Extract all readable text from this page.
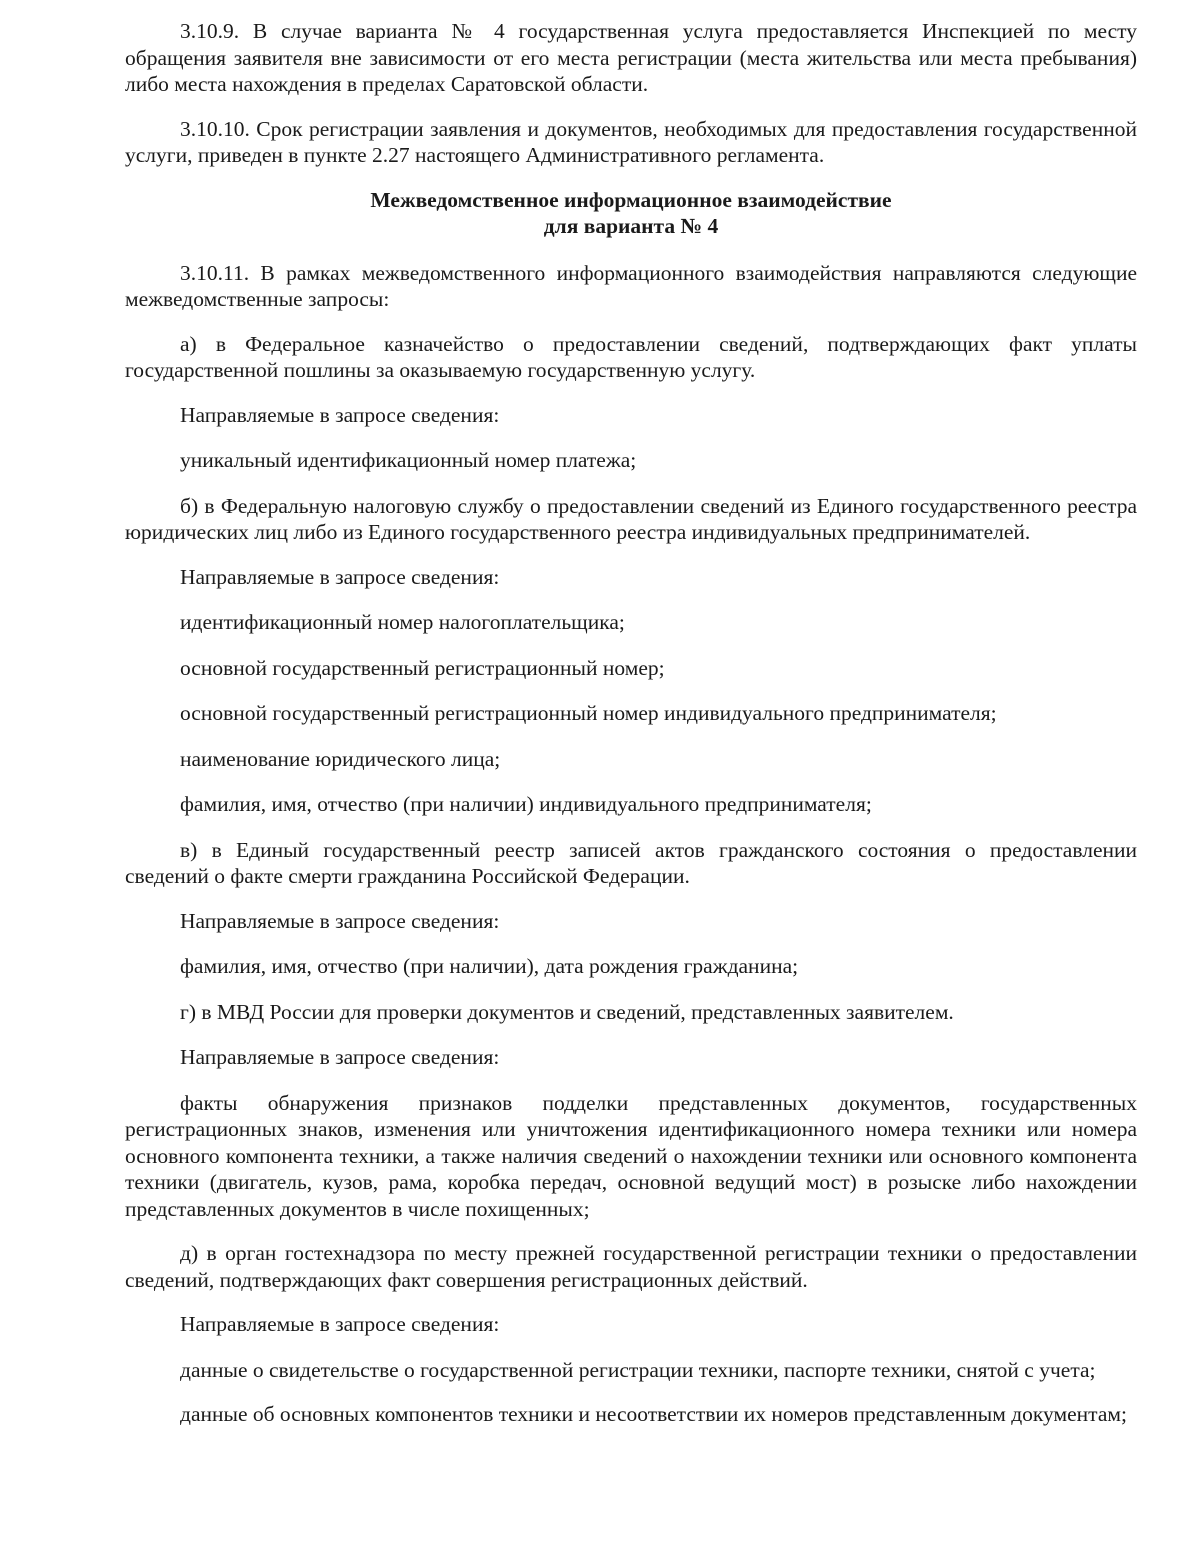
3.10.9. В случае варианта № 4 государственная услуга предоставляется Инспекцией по месту обращения заявителя вне зависимости от его места регистрации (места жительства или места пребывания) либо места нахождения в пределах Саратовской области.

3.10.10. Срок регистрации заявления и документов, необходимых для предоставления государственной услуги, приведен в пункте 2.27 настоящего Административного регламента.

Межведомственное информационное взаимодействие
для варианта № 4

3.10.11. В рамках межведомственного информационного взаимодействия направляются следующие межведомственные запросы:

а) в Федеральное казначейство о предоставлении сведений, подтверждающих факт уплаты государственной пошлины за оказываемую государственную услугу.

Направляемые в запросе сведения:

уникальный идентификационный номер платежа;

б) в Федеральную налоговую службу о предоставлении сведений из Единого государственного реестра юридических лиц либо из Единого государственного реестра индивидуальных предпринимателей.

Направляемые в запросе сведения:

идентификационный номер налогоплательщика;

основной государственный регистрационный номер;

основной государственный регистрационный номер индивидуального предпринимателя;

наименование юридического лица;

фамилия, имя, отчество (при наличии) индивидуального предпринимателя;

в) в Единый государственный реестр записей актов гражданского состояния о предоставлении сведений о факте смерти гражданина Российской Федерации.

Направляемые в запросе сведения:

фамилия, имя, отчество (при наличии), дата рождения гражданина;

г) в МВД России для проверки документов и сведений, представленных заявителем.

Направляемые в запросе сведения:

факты обнаружения признаков подделки представленных документов, государственных регистрационных знаков, изменения или уничтожения идентификационного номера техники или номера основного компонента техники, а также наличия сведений о нахождении техники или основного компонента техники (двигатель, кузов, рама, коробка передач, основной ведущий мост) в розыске либо нахождении представленных документов в числе похищенных;

д) в орган гостехнадзора по месту прежней государственной регистрации техники о предоставлении сведений, подтверждающих факт совершения регистрационных действий.

Направляемые в запросе сведения:

данные о свидетельстве о государственной регистрации техники, паспорте техники, снятой с учета;

данные об основных компонентов техники и несоответствии их номеров представленным документам;
